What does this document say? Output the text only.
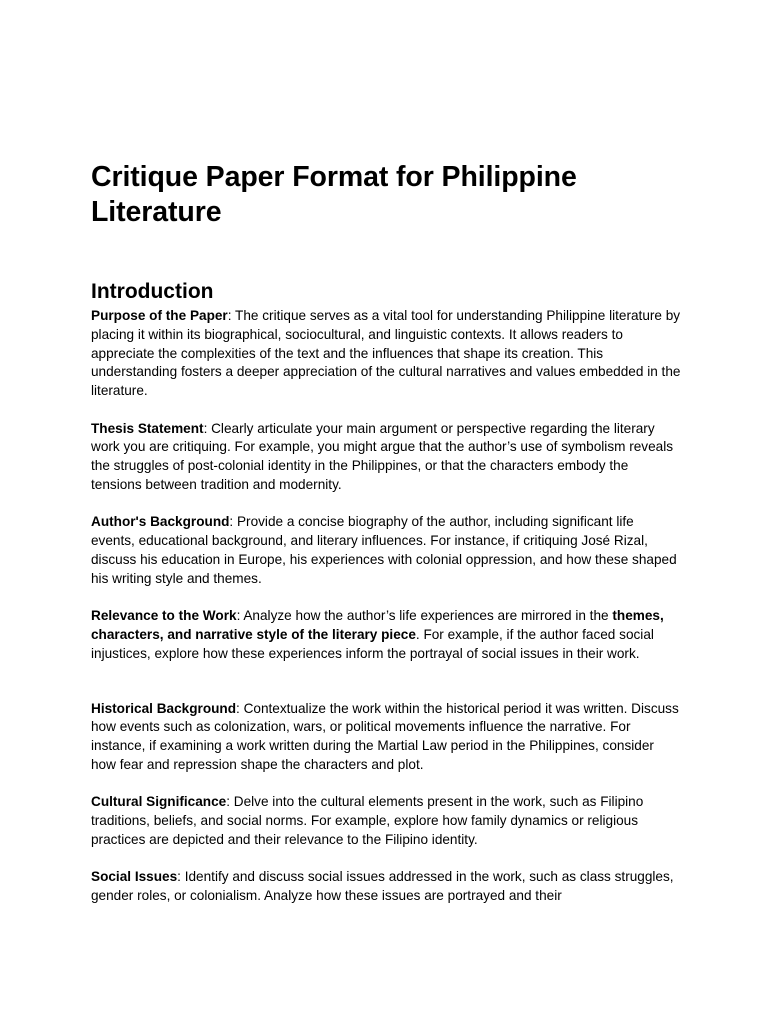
Critique Paper Format for Philippine Literature
Introduction

Purpose of the Paper: The critique serves as a vital tool for understanding Philippine literature by placing it within its biographical, sociocultural, and linguistic contexts. It allows readers to appreciate the complexities of the text and the influences that shape its creation. This understanding fosters a deeper appreciation of the cultural narratives and values embedded in the literature.

Thesis Statement: Clearly articulate your main argument or perspective regarding the literary work you are critiquing. For example, you might argue that the author’s use of symbolism reveals the struggles of post-colonial identity in the Philippines, or that the characters embody the tensions between tradition and modernity.

Author's Background: Provide a concise biography of the author, including significant life events, educational background, and literary influences. For instance, if critiquing José Rizal, discuss his education in Europe, his experiences with colonial oppression, and how these shaped his writing style and themes.

Relevance to the Work: Analyze how the author’s life experiences are mirrored in the themes, characters, and narrative style of the literary piece. For example, if the author faced social injustices, explore how these experiences inform the portrayal of social issues in their work.

Historical Background: Contextualize the work within the historical period it was written. Discuss how events such as colonization, wars, or political movements influence the narrative. For instance, if examining a work written during the Martial Law period in the Philippines, consider how fear and repression shape the characters and plot.

Cultural Significance: Delve into the cultural elements present in the work, such as Filipino traditions, beliefs, and social norms. For example, explore how family dynamics or religious practices are depicted and their relevance to the Filipino identity.

Social Issues: Identify and discuss social issues addressed in the work, such as class struggles, gender roles, or colonialism. Analyze how these issues are portrayed and their
